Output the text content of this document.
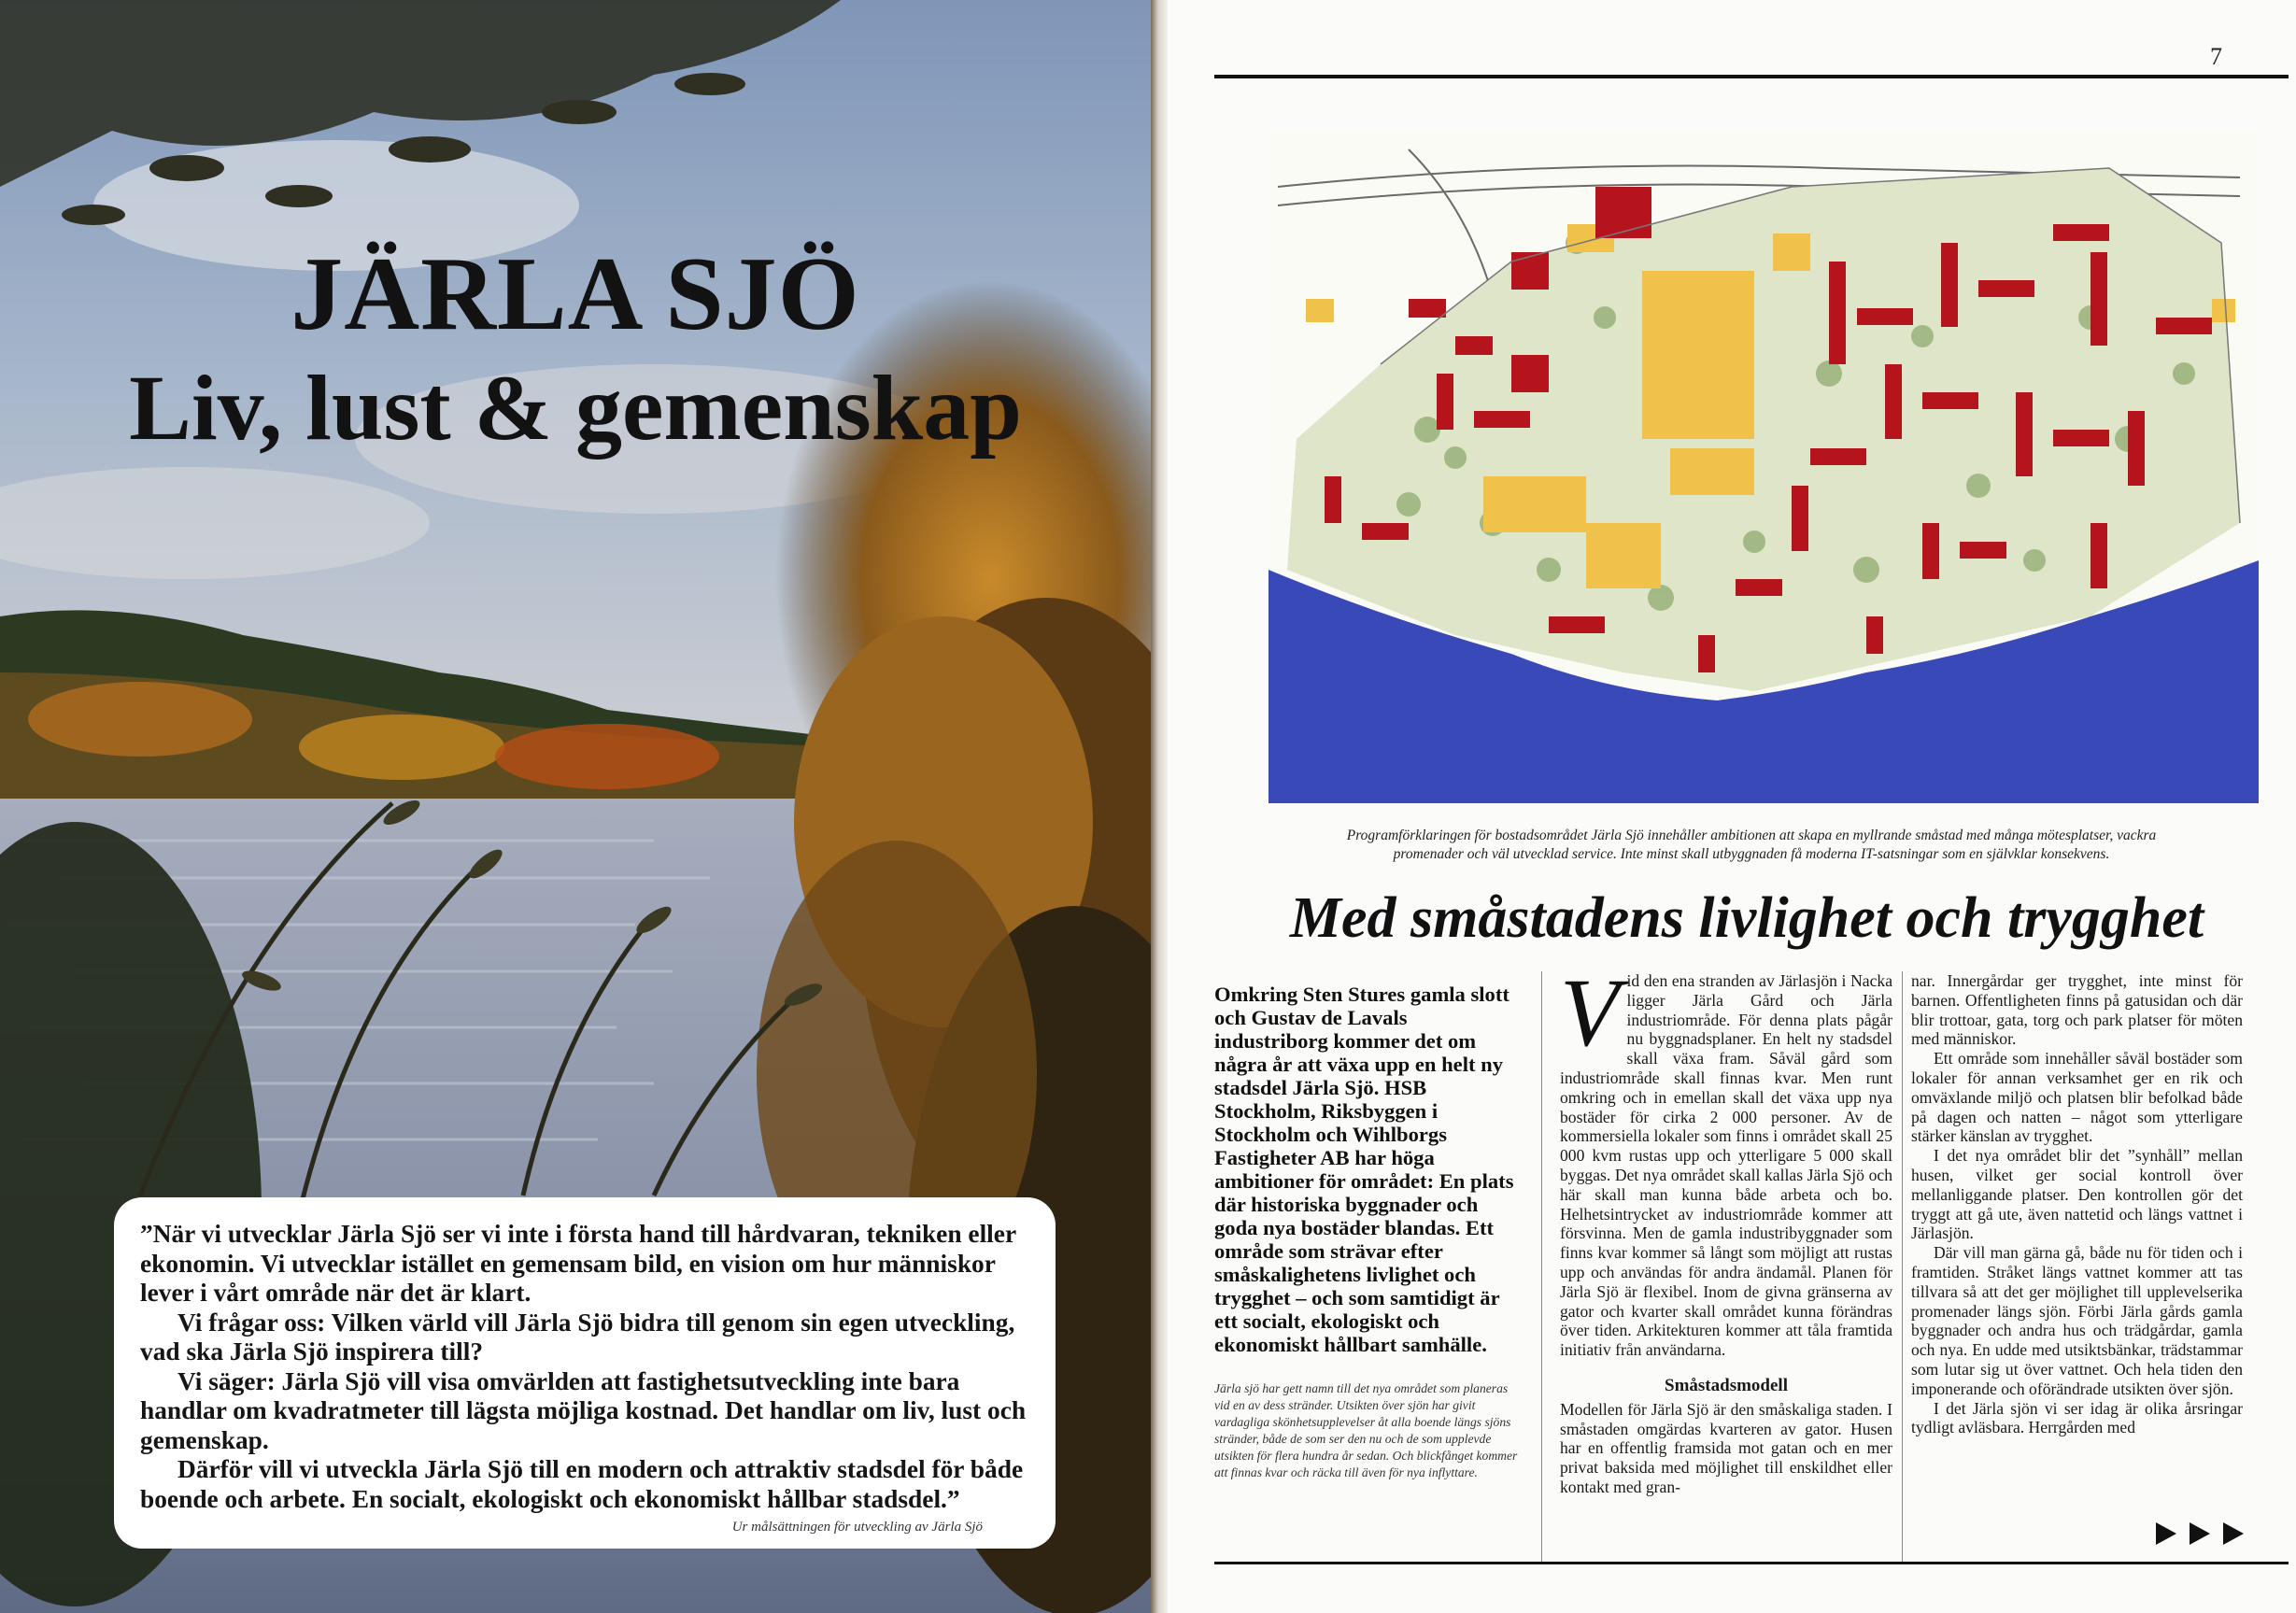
JÄRLA SJÖ
Liv, lust & gemenskap

”När vi utvecklar Järla Sjö ser vi inte i första hand till hårdvaran, tekniken eller ekonomin. Vi utvecklar istället en gemensam bild, en vision om hur människor lever i vårt område när det är klart.

Vi frågar oss: Vilken värld vill Järla Sjö bidra till genom sin egen utveckling, vad ska Järla Sjö inspirera till?

Vi säger: Järla Sjö vill visa omvärlden att fastighetsutveckling inte bara handlar om kvadratmeter till lägsta möjliga kostnad. Det handlar om liv, lust och gemenskap.

Därför vill vi utveckla Järla Sjö till en modern och attraktiv stadsdel för både boende och arbete. En socialt, ekologiskt och ekonomiskt hållbar stadsdel.”

Ur målsättningen för utveckling av Järla Sjö
7
Programförklaringen för bostadsområdet Järla Sjö innehåller ambitionen att skapa en myllrande småstad med många mötesplatser, vackra
promenader och väl utvecklad service. Inte minst skall utbyggnaden få moderna IT-satsningar som en självklar konsekvens.
Med småstadens livlighet och trygghet

Omkring Sten Stures gamla slott och Gustav de Lavals industriborg kommer det om några år att växa upp en helt ny stadsdel Järla Sjö. HSB Stockholm, Riksbyggen i Stockholm och Wihlborgs Fastigheter AB har höga ambitioner för området: En plats där historiska byggnader och goda nya bostäder blandas. Ett område som strävar efter småskalighetens livlighet och trygghet – och som samtidigt är ett socialt, ekologiskt och ekonomiskt hållbart samhälle.

Järla sjö har gett namn till det nya området som planeras vid en av dess stränder. Utsikten över sjön har givit vardagliga skönhetsupplevelser åt alla boende längs sjöns stränder, både de som ser den nu och de som upplevde utsikten för flera hundra år sedan. Och blickfånget kommer att finnas kvar och räcka till även för nya inflyttare.

V id den ena stranden av Järlasjön i Nacka ligger Järla Gård och Järla industriområde. För denna plats pågår nu byggnadsplaner. En helt ny stadsdel skall växa fram. Såväl gård som industriområde skall finnas kvar. Men runt omkring och in emellan skall det växa upp nya bostäder för cirka 2 000 personer. Av de kommersiella lokaler som finns i området skall 25 000 kvm rustas upp och ytterligare 5 000 skall byggas. Det nya området skall kallas Järla Sjö och här skall man kunna både arbeta och bo. Helhetsintrycket av industriområde kommer att försvinna. Men de gamla industribyggnader som finns kvar kommer så långt som möjligt att rustas upp och användas för andra ändamål. Planen för Järla Sjö är flexibel. Inom de givna gränserna av gator och kvarter skall området kunna förändras över tiden. Arkitekturen kommer att tåla framtida initiativ från användarna.

Småstadsmodell

Modellen för Järla Sjö är den småskaliga staden. I småstaden omgärdas kvarteren av gator. Husen har en offentlig framsida mot gatan och en mer privat baksida med möjlighet till enskildhet eller kontakt med gran-

nar. Innergårdar ger trygghet, inte minst för barnen. Offentligheten finns på gatusidan och där blir trottoar, gata, torg och park platser för möten med människor.

Ett område som innehåller såväl bostäder som lokaler för annan verksamhet ger en rik och omväxlande miljö och platsen blir befolkad både på dagen och natten – något som ytterligare stärker känslan av trygghet.

I det nya området blir det ”synhåll” mellan husen, vilket ger social kontroll över mellanliggande platser. Den kontrollen gör det tryggt att gå ute, även nattetid och längs vattnet i Järlasjön.

Där vill man gärna gå, både nu för tiden och i framtiden. Stråket längs vattnet kommer att tas tillvara så att det ger möjlighet till upplevelserika promenader längs sjön. Förbi Järla gårds gamla byggnader och andra hus och trädgårdar, gamla och nya. En udde med utsiktsbänkar, trädstammar som lutar sig ut över vattnet. Och hela tiden den imponerande och oförändrade utsikten över sjön.

I det Järla sjön vi ser idag är olika årsringar tydligt avläsbara. Herrgården med
